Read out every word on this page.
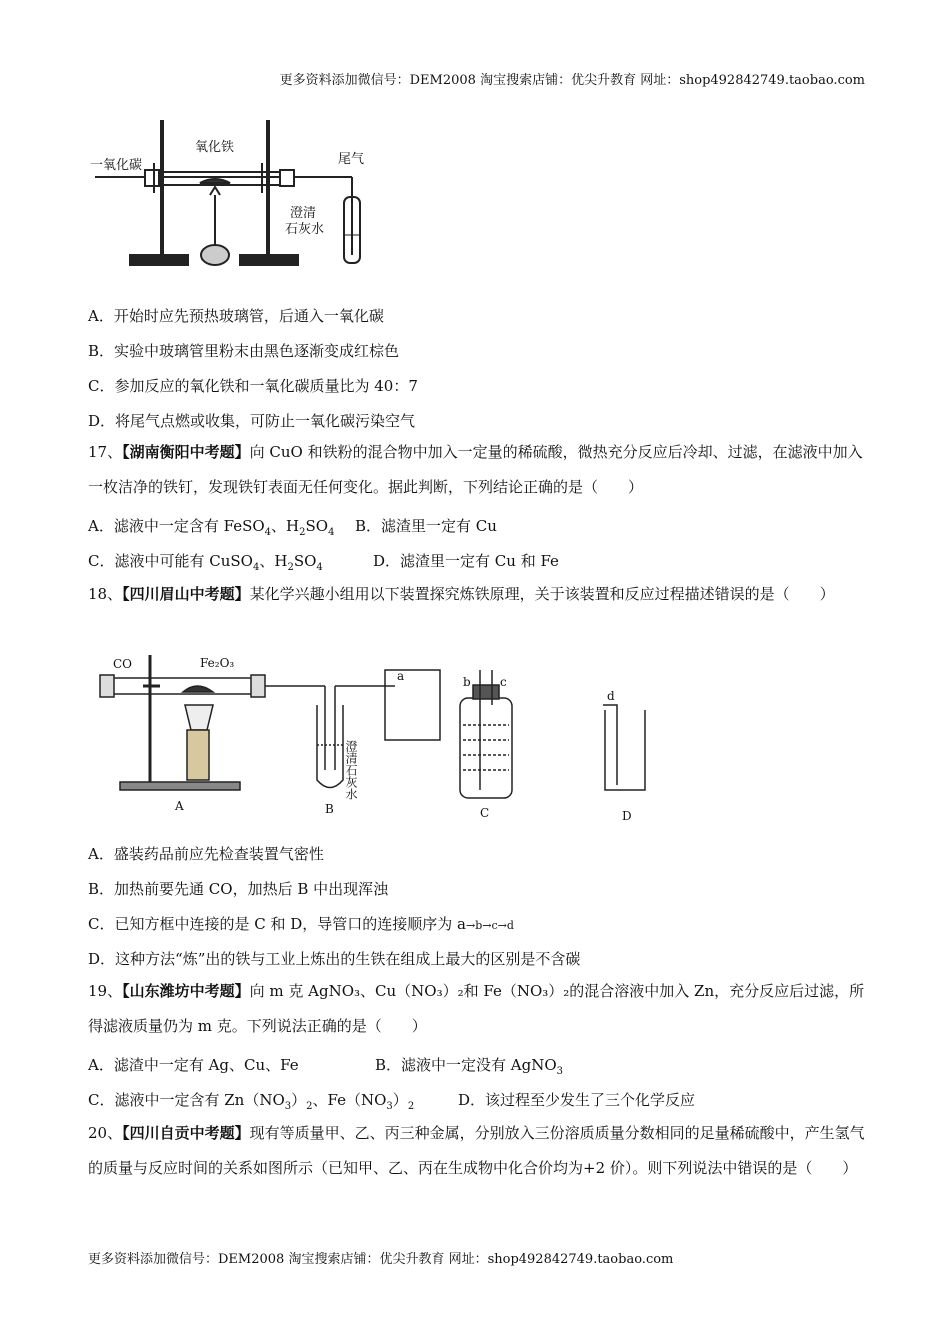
更多资料添加微信号：DEM2008 淘宝搜索店铺：优尖升教育 网址：shop492842749.taobao.com
一氧化碳
氧化铁
尾气
澄清
石灰水
A．开始时应先预热玻璃管，后通入一氧化碳
B．实验中玻璃管里粉末由黑色逐渐变成红棕色
C．参加反应的氧化铁和一氧化碳质量比为 40：7
D．将尾气点燃或收集，可防止一氧化碳污染空气
17、【湖南衡阳中考题】向 CuO 和铁粉的混合物中加入一定量的稀硫酸，微热充分反应后冷却、过滤，在滤液中加入一枚洁净的铁钉，发现铁钉表面无任何变化。据此判断，下列结论正确的是（　　）
A．滤液中一定含有 FeSO$_4$、$H_2SO_4$ B．滤渣里一定有 Cu
C．滤液中可能有 CuSO$_4$、$H_2SO_4$	D．滤渣里一定有 Cu 和 Fe
18、【四川眉山中考题】某化学兴趣小组用以下装置探究炼铁原理，关于该装置和反应过程描述错误的是（　　）
CO	Fe₂O₃
a	b c
d
澄清石灰水
A	B	C	D
A．盛装药品前应先检查装置气密性
B．加热前要先通 CO，加热后 B 中出现浑浊
C．已知方框中连接的是 C 和 D，导管口的连接顺序为 a→b→c→d
D．这种方法“炼”出的铁与工业上炼出的生铁在组成上最大的区别是不含碳
19、【山东潍坊中考题】向 m 克 AgNO₃、Cu（NO₃）₂和 Fe（NO₃）₂的混合溶液中加入 Zn，充分反应后过滤，所得滤液质量仍为 m 克。下列说法正确的是（　　）
A．滤渣中一定有 Ag、Cu、Fe	B．滤液中一定没有 AgNO$_3$
C．滤液中一定含有 $Zn(NO_3)_2$、$Fe(NO_3)_2$	D．该过程至少发生了三个化学反应
20、【四川自贡中考题】现有等质量甲、乙、丙三种金属，分别放入三份溶质质量分数相同的足量稀硫酸中，产生氢气的质量与反应时间的关系如图所示（已知甲、乙、丙在生成物中化合价均为+2 价）。则下列说法中错误的是（　　）
更多资料添加微信号：DEM2008 淘宝搜索店铺：优尖升教育 网址：shop492842749.taobao.com
